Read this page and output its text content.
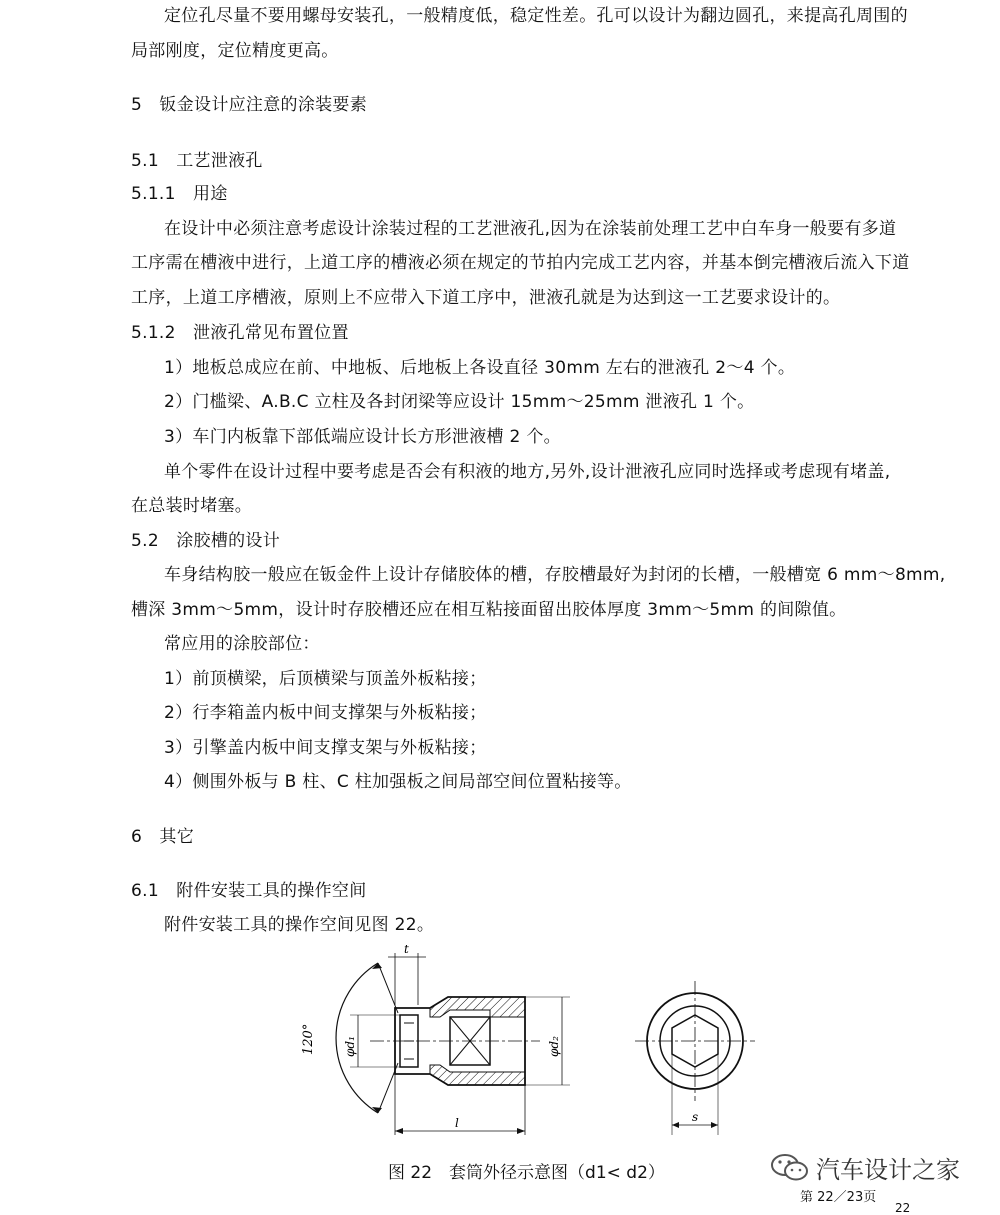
定位孔尽量不要用螺母安装孔，一般精度低，稳定性差。孔可以设计为翻边圆孔，来提高孔周围的
局部刚度，定位精度更高。
5　钣金设计应注意的涂装要素
5.1　工艺泄液孔
5.1.1　用途
在设计中必须注意考虑设计涂装过程的工艺泄液孔,因为在涂装前处理工艺中白车身一般要有多道
工序需在槽液中进行，上道工序的槽液必须在规定的节拍内完成工艺内容，并基本倒完槽液后流入下道
工序，上道工序槽液，原则上不应带入下道工序中，泄液孔就是为达到这一工艺要求设计的。
5.1.2　泄液孔常见布置位置
1）地板总成应在前、中地板、后地板上各设直径 30mm 左右的泄液孔 2～4 个。
2）门槛梁、A.B.C 立柱及各封闭梁等应设计 15mm～25mm 泄液孔 1 个。
3）车门内板靠下部低端应设计长方形泄液槽 2 个。
单个零件在设计过程中要考虑是否会有积液的地方,另外,设计泄液孔应同时选择或考虑现有堵盖,
在总装时堵塞。
5.2　涂胶槽的设计
车身结构胶一般应在钣金件上设计存储胶体的槽，存胶槽最好为封闭的长槽，一般槽宽 6 mm～8mm,
槽深 3mm～5mm，设计时存胶槽还应在相互粘接面留出胶体厚度 3mm～5mm 的间隙值。
常应用的涂胶部位：
1）前顶横梁，后顶横梁与顶盖外板粘接；
2）行李箱盖内板中间支撑架与外板粘接；
3）引擎盖内板中间支撑支架与外板粘接；
4）侧围外板与 B 柱、C 柱加强板之间局部空间位置粘接等。
6　其它
6.1　附件安装工具的操作空间
附件安装工具的操作空间见图 22。
120°
t
φd₁	φd₂
l	s
图 22　套筒外径示意图（d1< d2）	汽车设计之家
第 22／23页
22
